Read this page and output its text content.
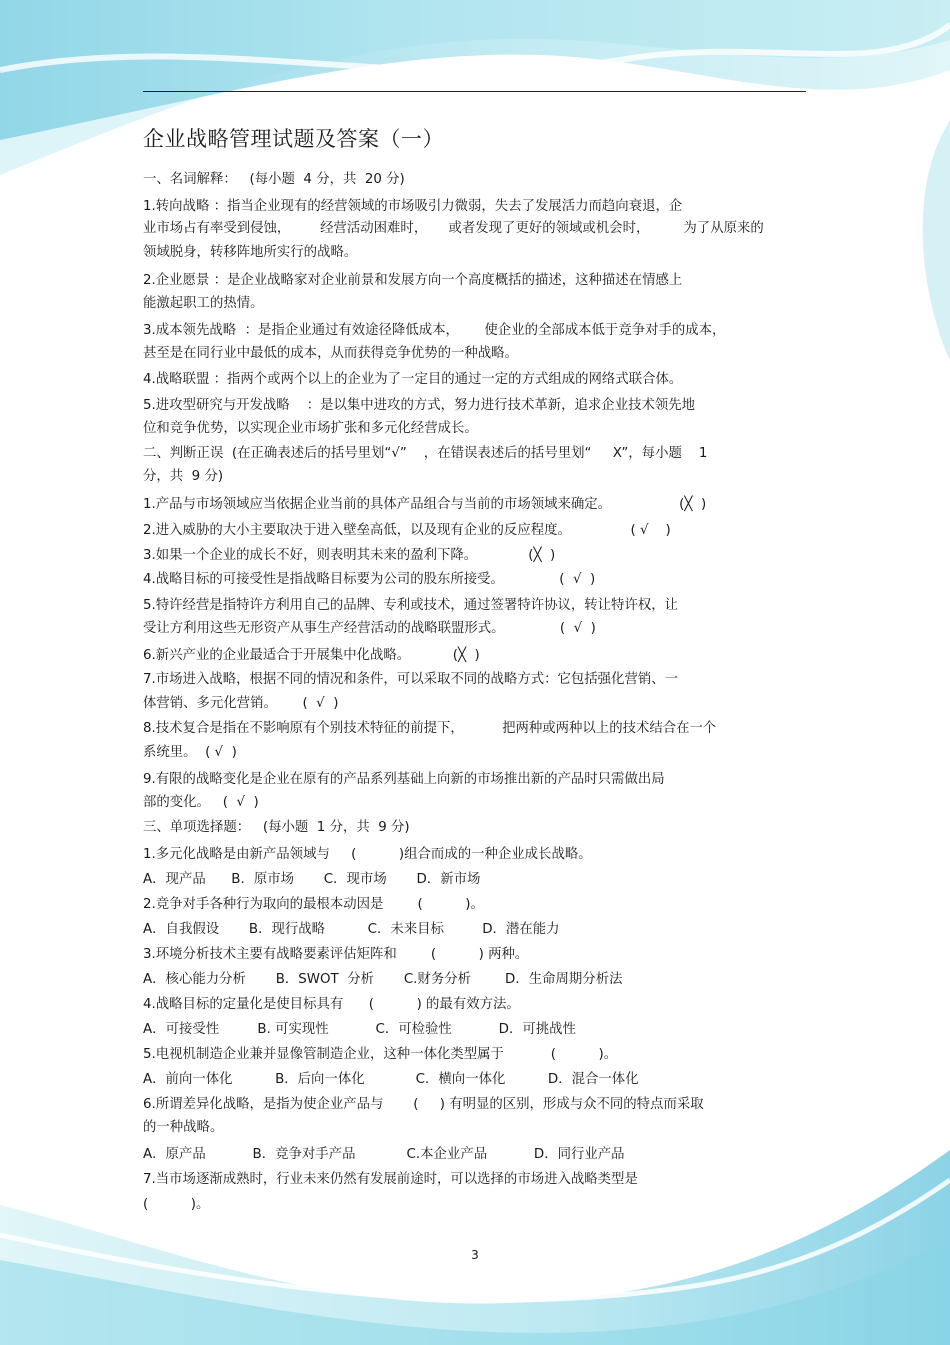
企业战略管理试题及答案（一）
一、名词解释：   (每小题  4 分，共  20 分)
1.转向战略 ：指当企业现有的经营领域的市场吸引力微弱，失去了发展活力而趋向衰退，企
业市场占有率受到侵蚀，       经营活动困难时，     或者发现了更好的领域或机会时，        为了从原来的
领域脱身，转移阵地所实行的战略。
2.企业愿景 ：是企业战略家对企业前景和发展方向一个高度概括的描述，这种描述在情感上
能激起职工的热情。
3.成本领先战略  ：是指企业通过有效途径降低成本，      使企业的全部成本低于竞争对手的成本，
甚至是在同行业中最低的成本，从而获得竞争优势的一种战略。
4.战略联盟 ：指两个或两个以上的企业为了一定目的通过一定的方式组成的网络式联合体。
5.进攻型研究与开发战略    ：是以集中进攻的方式，努力进行技术革新，追求企业技术领先地
位和竞争优势，以实现企业市场扩张和多元化经营成长。
二、判断正误  (在正确表述后的括号里划“√”    ，在错误表述后的括号里划“     X”，每小题    1
分，共  9 分)
1.产品与市场领域应当依据企业当前的具体产品组合与当前的市场领域来确定。                (╳  )
2.进入威胁的大小主要取决于进入壁垒高低，以及现有企业的反应程度。              ( √    )
3.如果一个企业的成长不好，则表明其未来的盈利下降。            (╳  )
4.战略目标的可接受性是指战略目标要为公司的股东所接受。             (  √  )
5.特许经营是指特许方利用自己的品牌、专利或技术，通过签署特许协议，转让特许权，让
受让方利用这些无形资产从事生产经营活动的战略联盟形式。             (  √  )
6.新兴产业的企业最适合于开展集中化战略。          (╳  )
7.市场进入战略，根据不同的情况和条件，可以采取不同的战略方式：它包括强化营销、一
体营销、多元化营销。      (  √  )
8.技术复合是指在不影响原有个别技术特征的前提下，         把两种或两种以上的技术结合在一个
系统里。  ( √  )
9.有限的战略变化是企业在原有的产品系列基础上向新的市场推出新的产品时只需做出局
部的变化。   (  √  )
三、单项选择题：   (每小题  1 分，共  9 分)
1.多元化战略是由新产品领域与     (          )组合而成的一种企业成长战略。
A．现产品      B．原市场       C．现市场       D．新市场
2.竞争对手各种行为取向的最根本动因是        (          )。
A．自我假设       B．现行战略          C．未来目标         D．潜在能力
3.环境分析技术主要有战略要素评估矩阵和        (          ) 两种。
A．核心能力分析       B．SWOT  分析       C.财务分析        D．生命周期分析法
4.战略目标的定量化是使目标具有      (          ) 的最有效方法。
A．可接受性         B. 可实现性           C．可检验性           D．可挑战性
5.电视机制造企业兼并显像管制造企业，这种一体化类型属于           (          )。
A．前向一体化          B．后向一体化            C．横向一体化          D．混合一体化
6.所谓差异化战略，是指为使企业产品与       (     ) 有明显的区别，形成与众不同的特点而采取
的一种战略。
A．原产品           B．竞争对手产品            C.本企业产品           D．同行业产品
7.当市场逐渐成熟时，行业未来仍然有发展前途时，可以选择的市场进入战略类型是
(          )。
3
